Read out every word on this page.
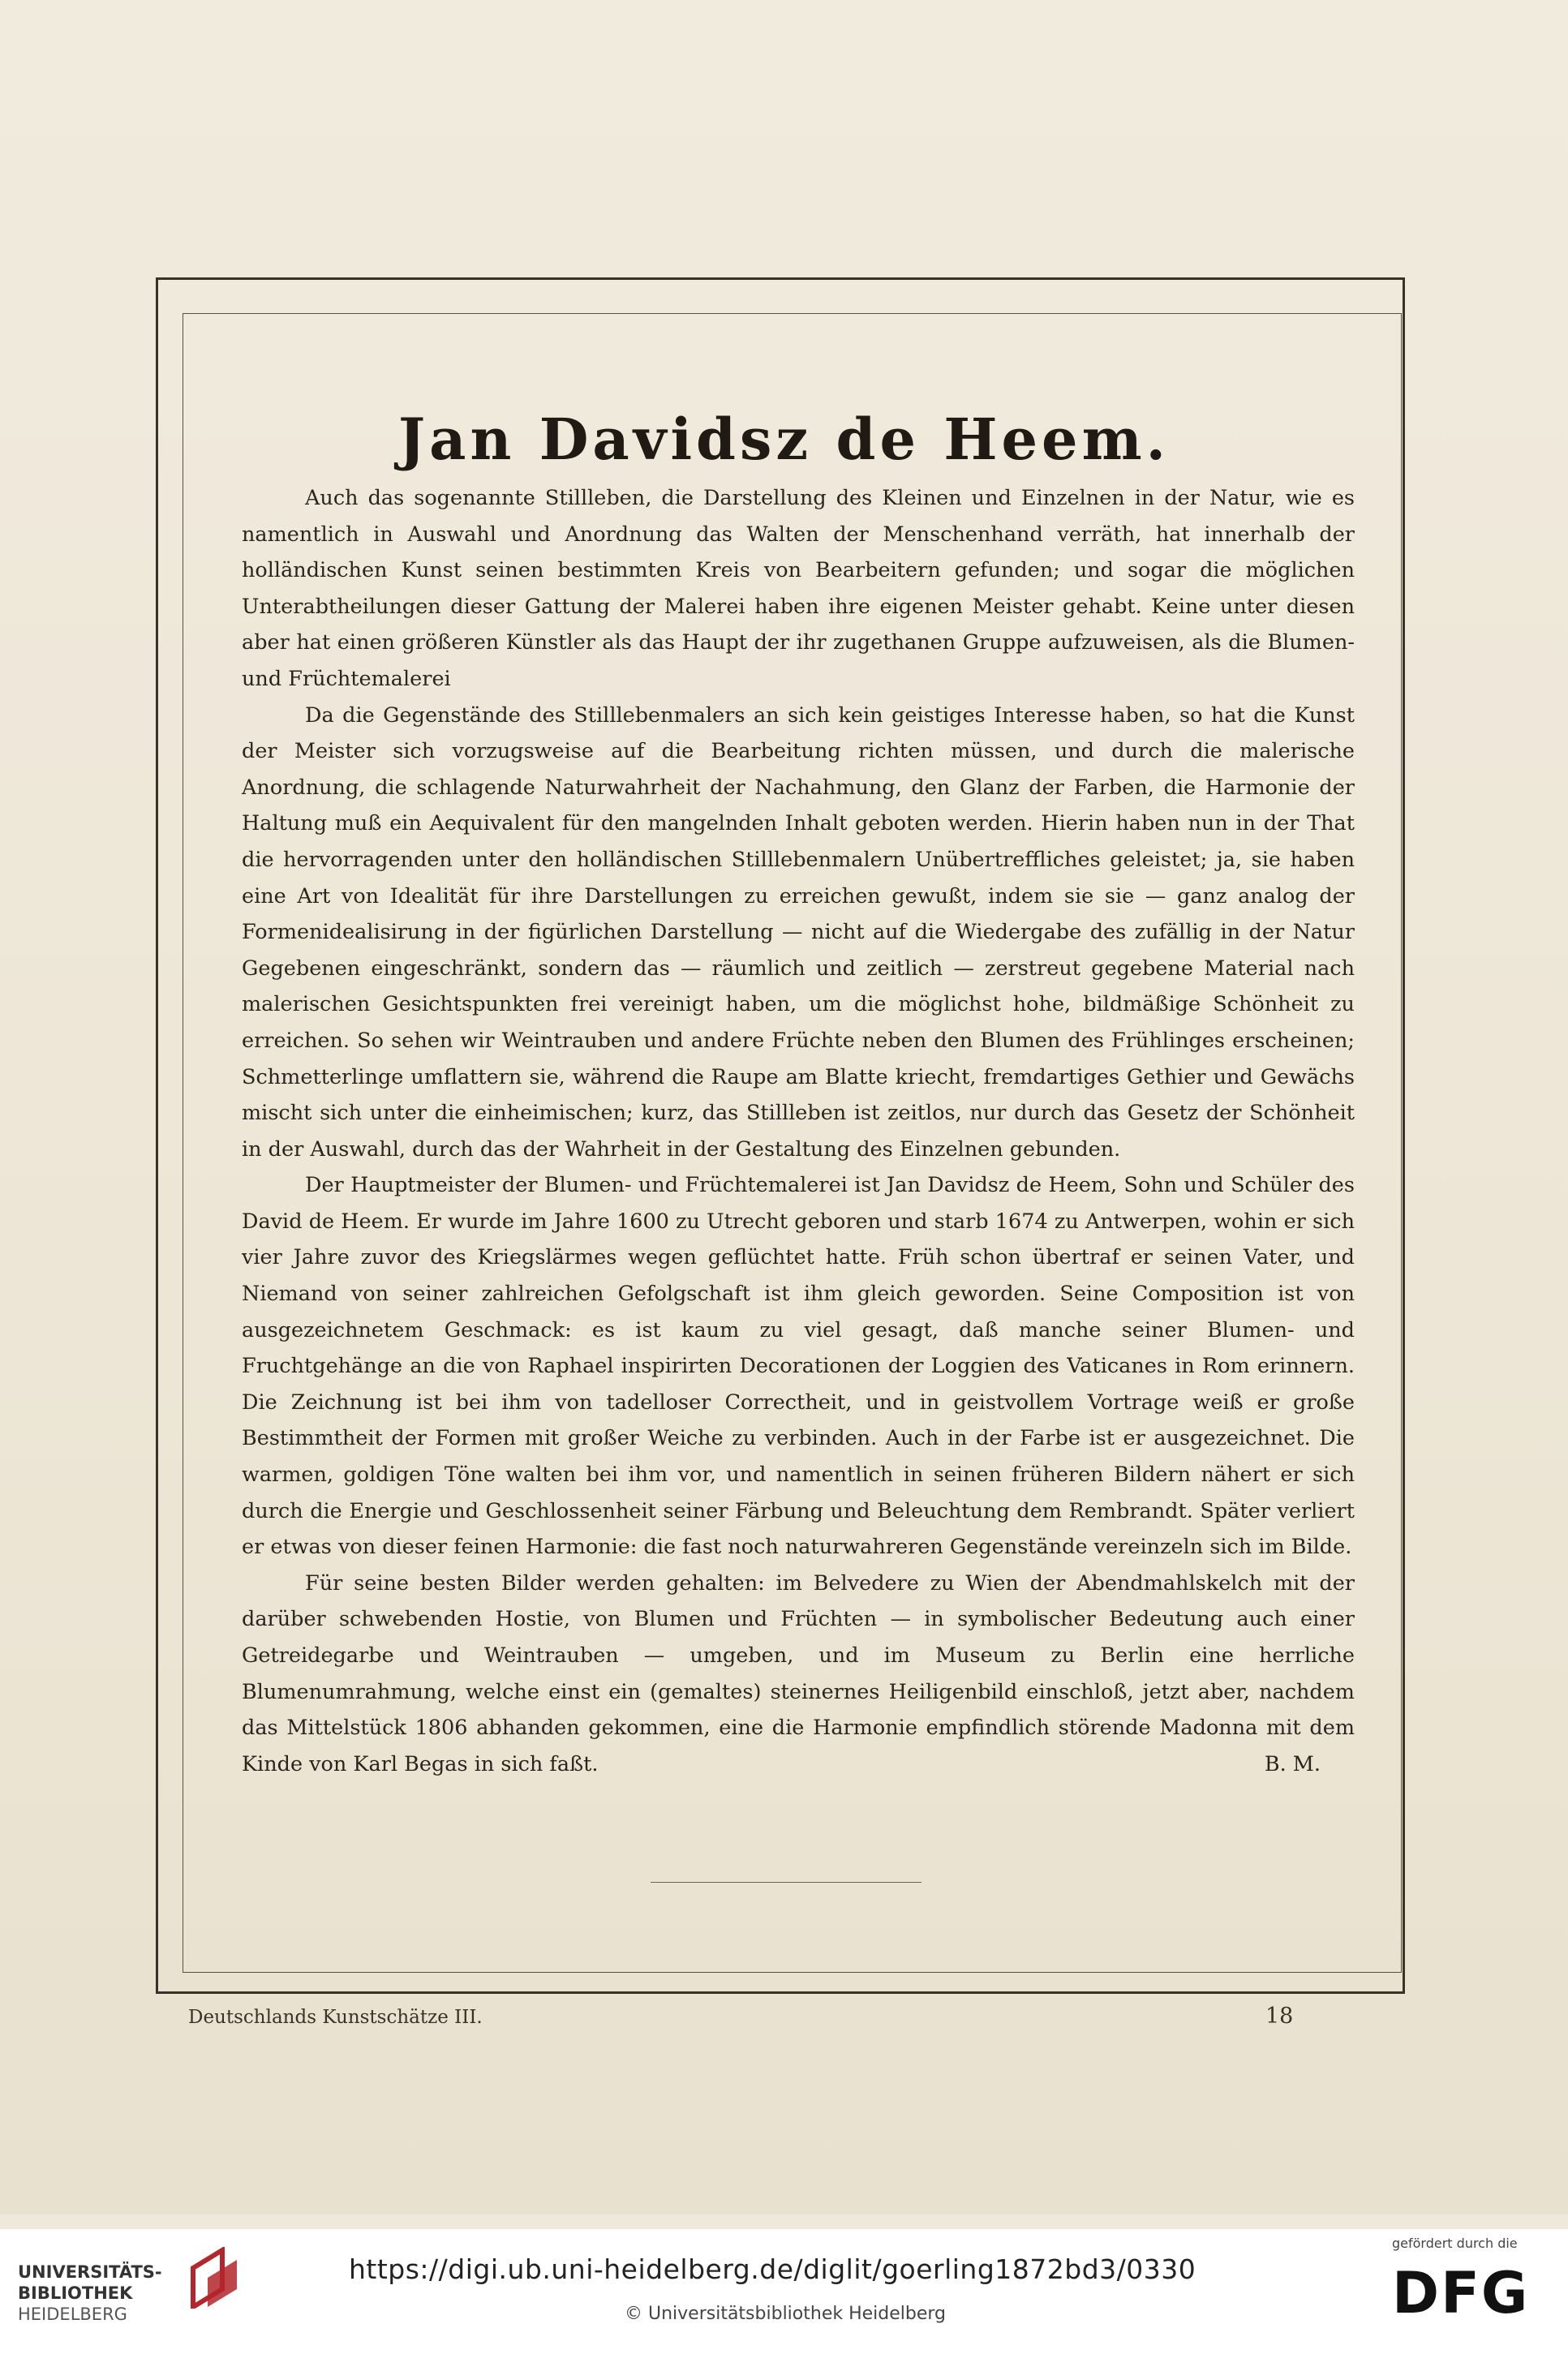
Jan Davidsz de Heem.

Auch das sogenannte Stillleben, die Darstellung des Kleinen und Einzelnen in der Natur, wie es namentlich in Auswahl und Anordnung das Walten der Menschenhand verräth, hat innerhalb der holländischen Kunst seinen bestimmten Kreis von Bearbeitern gefunden; und sogar die möglichen Unterabtheilungen dieser Gattung der Malerei haben ihre eigenen Meister gehabt. Keine unter diesen aber hat einen größeren Künstler als das Haupt der ihr zugethanen Gruppe aufzuweisen, als die Blumen- und Früchtemalerei

Da die Gegenstände des Stilllebenmalers an sich kein geistiges Interesse haben, so hat die Kunst der Meister sich vorzugsweise auf die Bearbeitung richten müssen, und durch die malerische Anordnung, die schlagende Naturwahrheit der Nachahmung, den Glanz der Farben, die Harmonie der Haltung muß ein Aequivalent für den mangelnden Inhalt geboten werden. Hierin haben nun in der That die hervorragenden unter den holländischen Stilllebenmalern Unübertreffliches geleistet; ja, sie haben eine Art von Idealität für ihre Darstellungen zu erreichen gewußt, indem sie sie — ganz analog der Formenidealisirung in der figürlichen Darstellung — nicht auf die Wiedergabe des zufällig in der Natur Gegebenen eingeschränkt, sondern das — räumlich und zeitlich — zerstreut gegebene Material nach malerischen Gesichtspunkten frei vereinigt haben, um die möglichst hohe, bildmäßige Schönheit zu erreichen. So sehen wir Weintrauben und andere Früchte neben den Blumen des Frühlinges erscheinen; Schmetterlinge umflattern sie, während die Raupe am Blatte kriecht, fremdartiges Gethier und Gewächs mischt sich unter die einheimischen; kurz, das Stillleben ist zeitlos, nur durch das Gesetz der Schönheit in der Auswahl, durch das der Wahrheit in der Gestaltung des Einzelnen gebunden.

Der Hauptmeister der Blumen- und Früchtemalerei ist Jan Davidsz de Heem, Sohn und Schüler des David de Heem. Er wurde im Jahre 1600 zu Utrecht geboren und starb 1674 zu Antwerpen, wohin er sich vier Jahre zuvor des Kriegslärmes wegen geflüchtet hatte. Früh schon übertraf er seinen Vater, und Niemand von seiner zahlreichen Gefolgschaft ist ihm gleich geworden. Seine Composition ist von ausgezeichnetem Geschmack: es ist kaum zu viel gesagt, daß manche seiner Blumen- und Fruchtgehänge an die von Raphael inspirirten Decorationen der Loggien des Vaticanes in Rom erinnern. Die Zeichnung ist bei ihm von tadelloser Correctheit, und in geistvollem Vortrage weiß er große Bestimmtheit der Formen mit großer Weiche zu verbinden. Auch in der Farbe ist er ausgezeichnet. Die warmen, goldigen Töne walten bei ihm vor, und namentlich in seinen früheren Bildern nähert er sich durch die Energie und Geschlossenheit seiner Färbung und Beleuchtung dem Rembrandt. Später verliert er etwas von dieser feinen Harmonie: die fast noch naturwahreren Gegenstände vereinzeln sich im Bilde.

Für seine besten Bilder werden gehalten: im Belvedere zu Wien der Abendmahlskelch mit der darüber schwebenden Hostie, von Blumen und Früchten — in symbolischer Bedeutung auch einer Getreidegarbe und Weintrauben — umgeben, und im Museum zu Berlin eine herrliche Blumenumrahmung, welche einst ein (gemaltes) steinernes Heiligenbild einschloß, jetzt aber, nachdem das Mittelstück 1806 abhanden gekommen, eine die Harmonie empfindlich störende Madonna mit dem Kinde von Karl Begas in sich faßt.	B. M.

Deutschlands Kunstschätze III.	18
UNIVERSITÄTS-
BIBLIOTHEK
HEIDELBERG
https://digi.ub.uni-heidelberg.de/diglit/goerling1872bd3/0330
© Universitätsbibliothek Heidelberg
gefördert durch die
DFG
